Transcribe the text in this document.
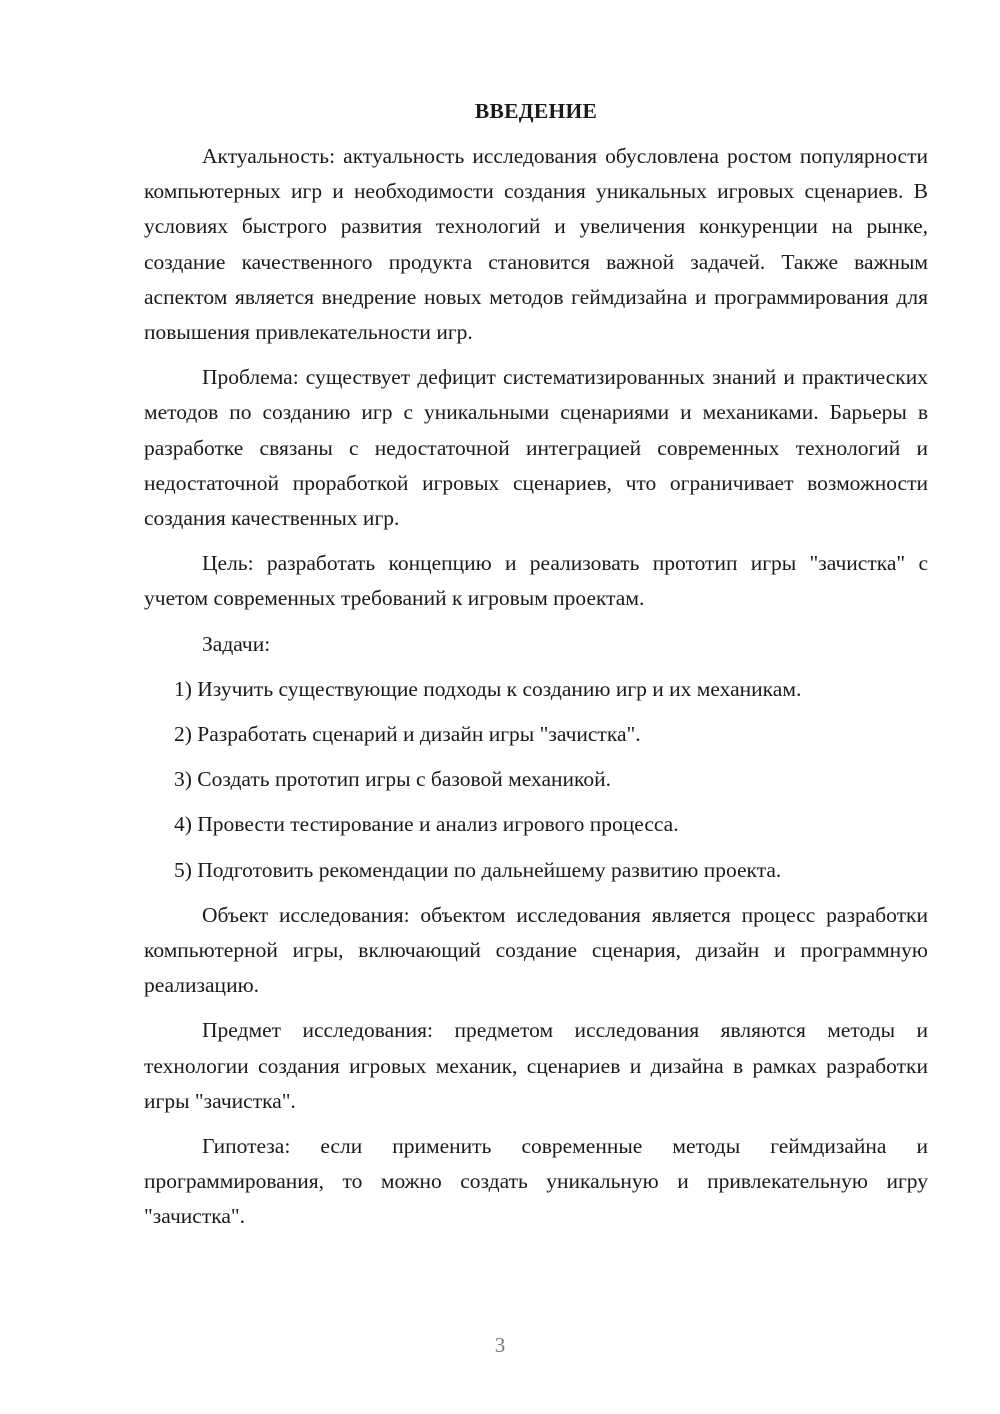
ВВЕДЕНИЕ

Актуальность: актуальность исследования обусловлена ростом популярности компьютерных игр и необходимости создания уникальных игровых сценариев. В условиях быстрого развития технологий и увеличения конкуренции на рынке, создание качественного продукта становится важной задачей. Также важным аспектом является внедрение новых методов геймдизайна и программирования для повышения привлекательности игр.

Проблема: существует дефицит систематизированных знаний и практических методов по созданию игр с уникальными сценариями и механиками. Барьеры в разработке связаны с недостаточной интеграцией современных технологий и недостаточной проработкой игровых сценариев, что ограничивает возможности создания качественных игр.

Цель: разработать концепцию и реализовать прототип игры "зачистка" с учетом современных требований к игровым проектам.

Задачи:

1) Изучить существующие подходы к созданию игр и их механикам.

2) Разработать сценарий и дизайн игры "зачистка".

3) Создать прототип игры с базовой механикой.

4) Провести тестирование и анализ игрового процесса.

5) Подготовить рекомендации по дальнейшему развитию проекта.

Объект исследования: объектом исследования является процесс разработки компьютерной игры, включающий создание сценария, дизайн и программную реализацию.

Предмет исследования: предметом исследования являются методы и технологии создания игровых механик, сценариев и дизайна в рамках разработки игры "зачистка".

Гипотеза: если применить современные методы геймдизайна и программирования, то можно создать уникальную и привлекательную игру "зачистка".

3
